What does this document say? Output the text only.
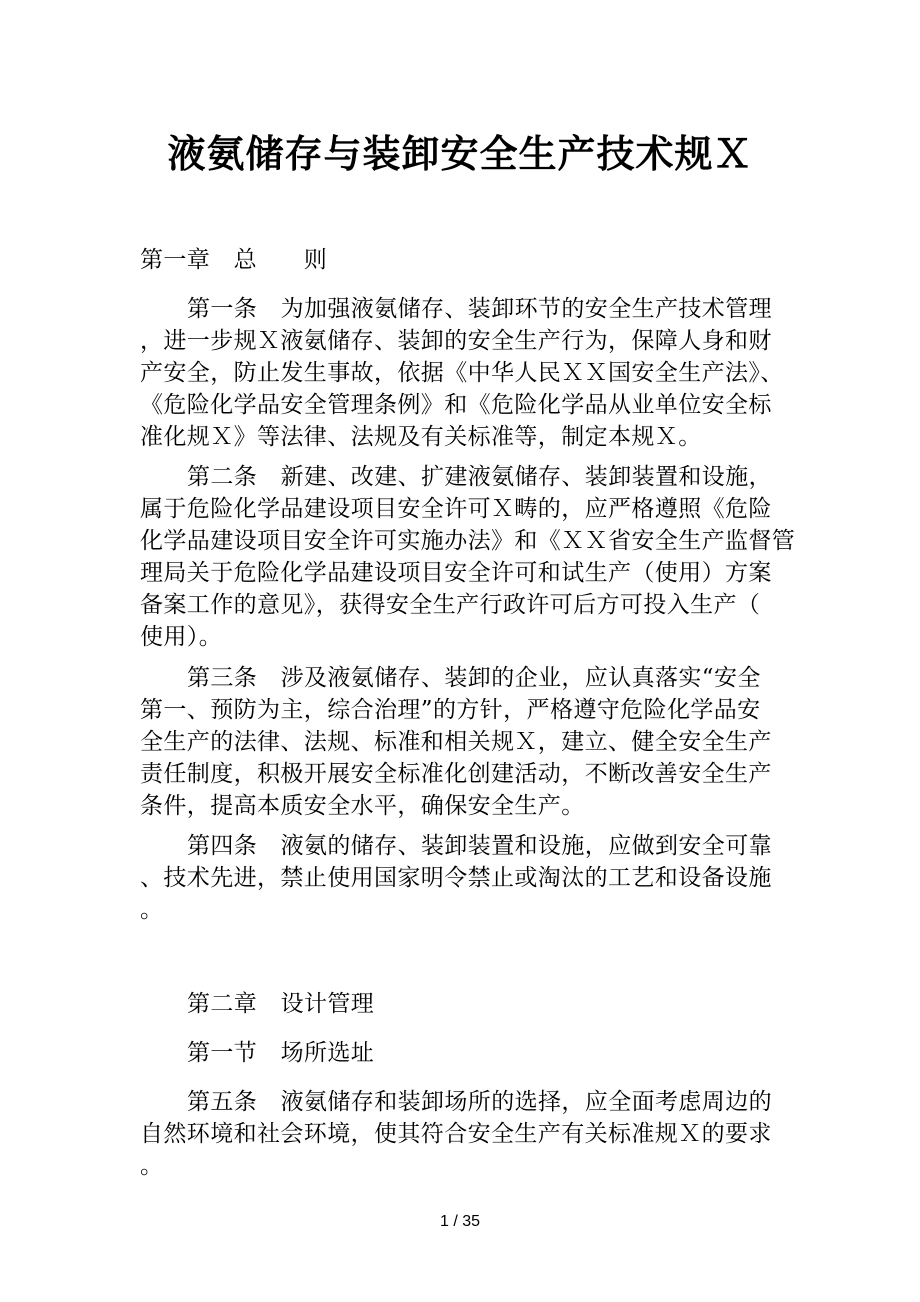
液氨储存与装卸安全生产技术规Ｘ

第一章　总　　则

第一条　为加强液氨储存、装卸环节的安全生产技术管理

，进一步规Ｘ液氨储存、装卸的安全生产行为，保障人身和财

产安全，防止发生事故，依据《中华人民ＸＸ国安全生产法》、

《危险化学品安全管理条例》和《危险化学品从业单位安全标

准化规Ｘ》等法律、法规及有关标准等，制定本规Ｘ。

第二条　新建、改建、扩建液氨储存、装卸装置和设施，

属于危险化学品建设项目安全许可Ｘ畴的，应严格遵照《危险

化学品建设项目安全许可实施办法》和《ＸＸ省安全生产监督管

理局关于危险化学品建设项目安全许可和试生产（使用）方案

备案工作的意见》，获得安全生产行政许可后方可投入生产（

使用）。

第三条　涉及液氨储存、装卸的企业，应认真落实“安全

第一、预防为主，综合治理”的方针，严格遵守危险化学品安

全生产的法律、法规、标准和相关规Ｘ，建立、健全安全生产

责任制度，积极开展安全标准化创建活动，不断改善安全生产

条件，提高本质安全水平，确保安全生产。

第四条　液氨的储存、装卸装置和设施，应做到安全可靠

、技术先进，禁止使用国家明令禁止或淘汰的工艺和设备设施

。

第二章　设计管理

第一节　场所选址

第五条　液氨储存和装卸场所的选择，应全面考虑周边的

自然环境和社会环境，使其符合安全生产有关标准规Ｘ的要求

。

1 / 35
